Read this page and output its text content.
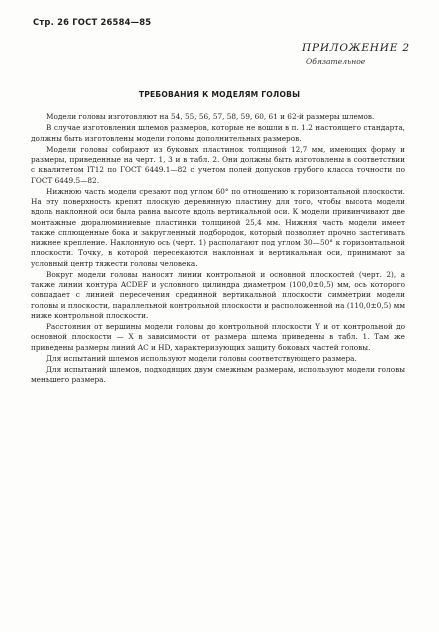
Стр. 26 ГОСТ 26584—85
ПРИЛОЖЕНИЕ 2
Обязательное
ТРЕБОВАНИЯ К МОДЕЛЯМ ГОЛОВЫ

Модели головы изготовляют на 54, 55, 56, 57, 58, 59, 60, 61 и 62-й размеры шлемов.

В случае изготовления шлемов размеров, которые не вошли в п. 1.2 настоящего стандарта, должны быть изготовлены модели головы дополнительных размеров.

Модели головы собирают из буковых пластинок толщиной 12,7 мм, имеющих форму и размеры, приведенные на черт. 1, 3 и в табл. 2. Они должны быть изготовлены в соответствии с квалитетом IT12 по ГОСТ 6449.1—82 с учетом полей допусков грубого класса точности по ГОСТ 6449.5—82.

Нижнюю часть модели срезают под углом 60° по отношению к горизонтальной плоскости. На эту поверхность крепят плоскую деревянную пластину для того, чтобы высота модели вдоль наклонной оси была равна высоте вдоль вертикальной оси. К модели привинчивают две монтажные дюралюминиевые пластинки толщиной 25,4 мм. Нижняя часть модели имеет также сплющенные бока и закругленный подбородок, который позволяет прочно застегивать нижнее крепление. Наклонную ось (черт. 1) располагают под углом 30—50° к горизонтальной плоскости. Точку, в которой пересекаются наклонная и вертикальная оси, принимают за условный центр тяжести головы человека.

Вокруг модели головы наносят линии контрольной и основной плоскостей (черт. 2), а также линии контура ACDEF и условного цилиндра диаметром (100,0±0,5) мм, ось которого совпадает с линией пересечения срединной вертикальной плоскости симметрии модели головы и плоскости, параллельной контрольной плоскости и расположенной на (110,0±0,5) мм ниже контрольной плоскости.

Расстояния от вершины модели головы до контрольной плоскости Y и от контрольной до основной плоскости — X в зависимости от размера шлема приведены в табл. 1. Там же приведены размеры линий AC и HD, характеризующих защиту боковых частей головы.

Для испытаний шлемов используют модели головы соответствующего размера.

Для испытаний шлемов, подходящих двум смежным размерам, используют модели головы меньшего размера.
